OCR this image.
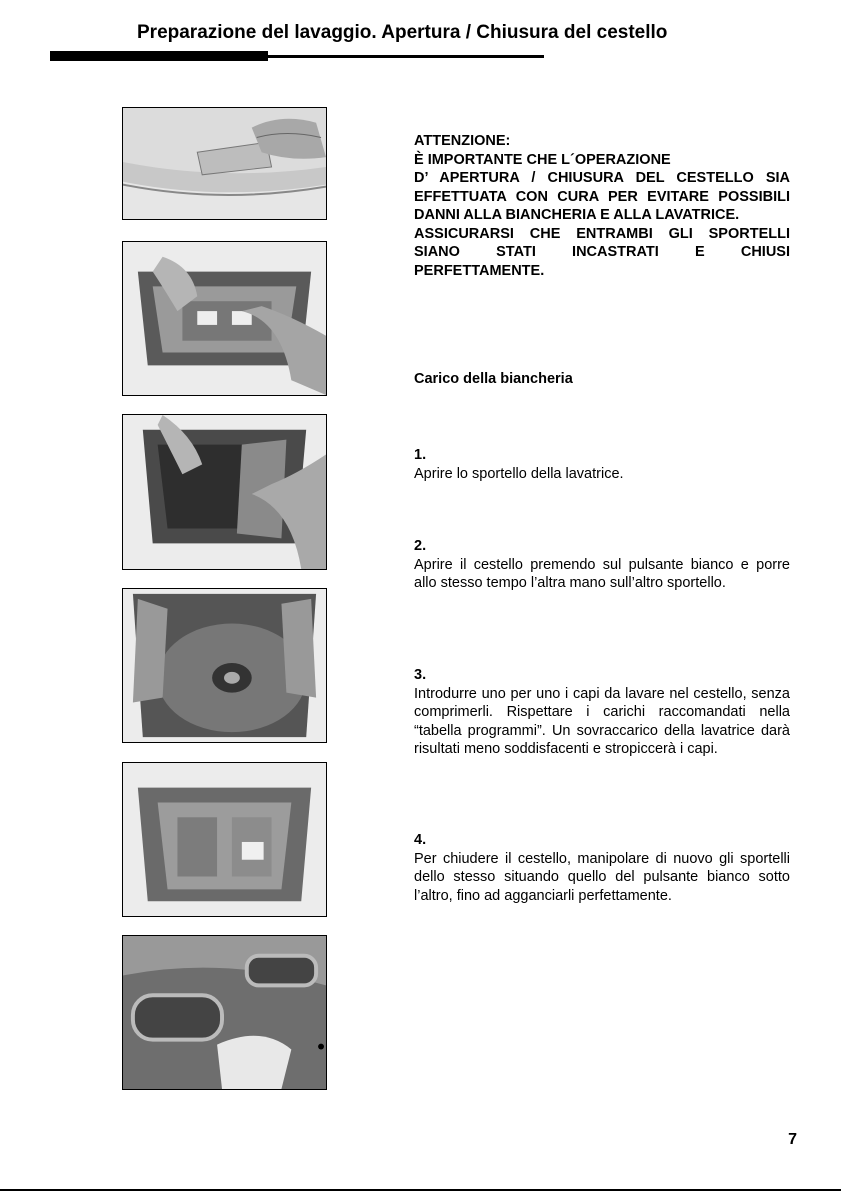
Preparazione del lavaggio. Apertura / Chiusura del cestello

ATTENZIONE:

È IMPORTANTE CHE L´OPERAZIONE

D’ APERTURA / CHIUSURA DEL CESTELLO SIA EFFETTUATA CON CURA PER EVITARE POSSIBILI DANNI ALLA BIANCHERIA E ALLA LAVATRICE.

ASSICURARSI CHE ENTRAMBI GLI SPORTELLI SIANO STATI INCASTRATI E CHIUSI PERFETTAMENTE.

Carico della biancheria

1.

Aprire lo sportello della lavatrice.

2.

Aprire il cestello premendo sul pulsante bianco e porre allo stesso tempo l’altra mano sull’altro sportello.

3.

Introdurre uno per uno i capi da lavare nel cestello, senza comprimerli. Rispettare i carichi raccomandati nella “tabella programmi”. Un sovraccarico della lavatrice darà risultati meno soddisfacenti e stropiccerà i capi.

4.

Per chiudere il cestello, manipolare di nuovo gli sportelli dello stesso situando quello del pulsante bianco sotto l’altro, fino ad agganciarli perfettamente.

7
